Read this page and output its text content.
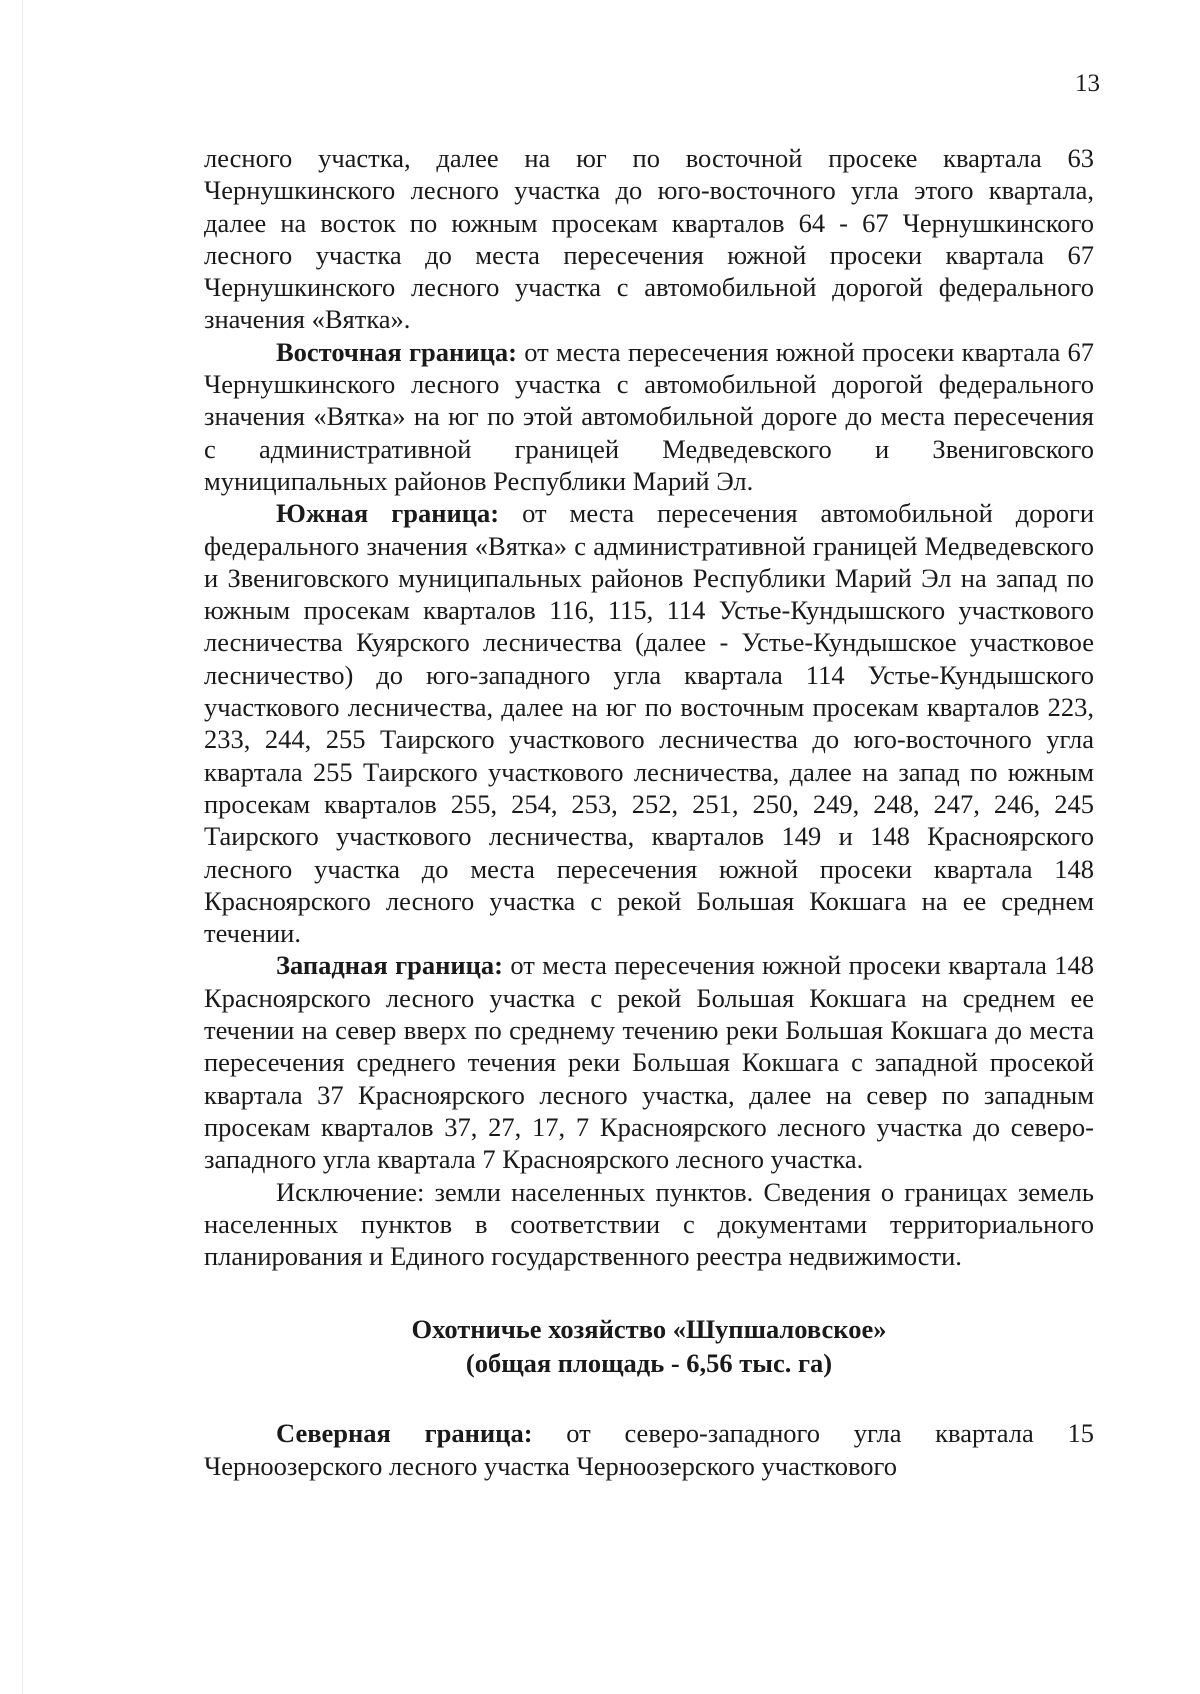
13

лесного участка, далее на юг по восточной просеке квартала 63 Чернушкинского лесного участка до юго-восточного угла этого квартала, далее на восток по южным просекам кварталов 64 - 67 Чернушкинского лесного участка до места пересечения южной просеки квартала 67 Чернушкинского лесного участка с автомобильной дорогой федерального значения «Вятка».

Восточная граница: от места пересечения южной просеки квартала 67 Чернушкинского лесного участка с автомобильной дорогой федерального значения «Вятка» на юг по этой автомобильной дороге до места пересечения с административной границей Медведевского и Звениговского муниципальных районов Республики Марий Эл.

Южная граница: от места пересечения автомобильной дороги федерального значения «Вятка» с административной границей Медведевского и Звениговского муниципальных районов Республики Марий Эл на запад по южным просекам кварталов 116, 115, 114 Устье-Кундышского участкового лесничества Куярского лесничества (далее - Устье-Кундышское участковое лесничество) до юго-западного угла квартала 114 Устье-Кундышского участкового лесничества, далее на юг по восточным просекам кварталов 223, 233, 244, 255 Таирского участкового лесничества до юго-восточного угла квартала 255 Таирского участкового лесничества, далее на запад по южным просекам кварталов 255, 254, 253, 252, 251, 250, 249, 248, 247, 246, 245 Таирского участкового лесничества, кварталов 149 и 148 Красноярского лесного участка до места пересечения южной просеки квартала 148 Красноярского лесного участка с рекой Большая Кокшага на ее среднем течении.

Западная граница: от места пересечения южной просеки квартала 148 Красноярского лесного участка с рекой Большая Кокшага на среднем ее течении на север вверх по среднему течению реки Большая Кокшага до места пересечения среднего течения реки Большая Кокшага с западной просекой квартала 37 Красноярского лесного участка, далее на север по западным просекам кварталов 37, 27, 17, 7 Красноярского лесного участка до северо-западного угла квартала 7 Красноярского лесного участка.

Исключение: земли населенных пунктов. Сведения о границах земель населенных пунктов в соответствии с документами территориального планирования и Единого государственного реестра недвижимости.

Охотничье хозяйство «Шупшаловское»

(общая площадь - 6,56 тыс. га)

Северная граница: от северо-западного угла квартала 15 Черноозерского лесного участка Черноозерского участкового
